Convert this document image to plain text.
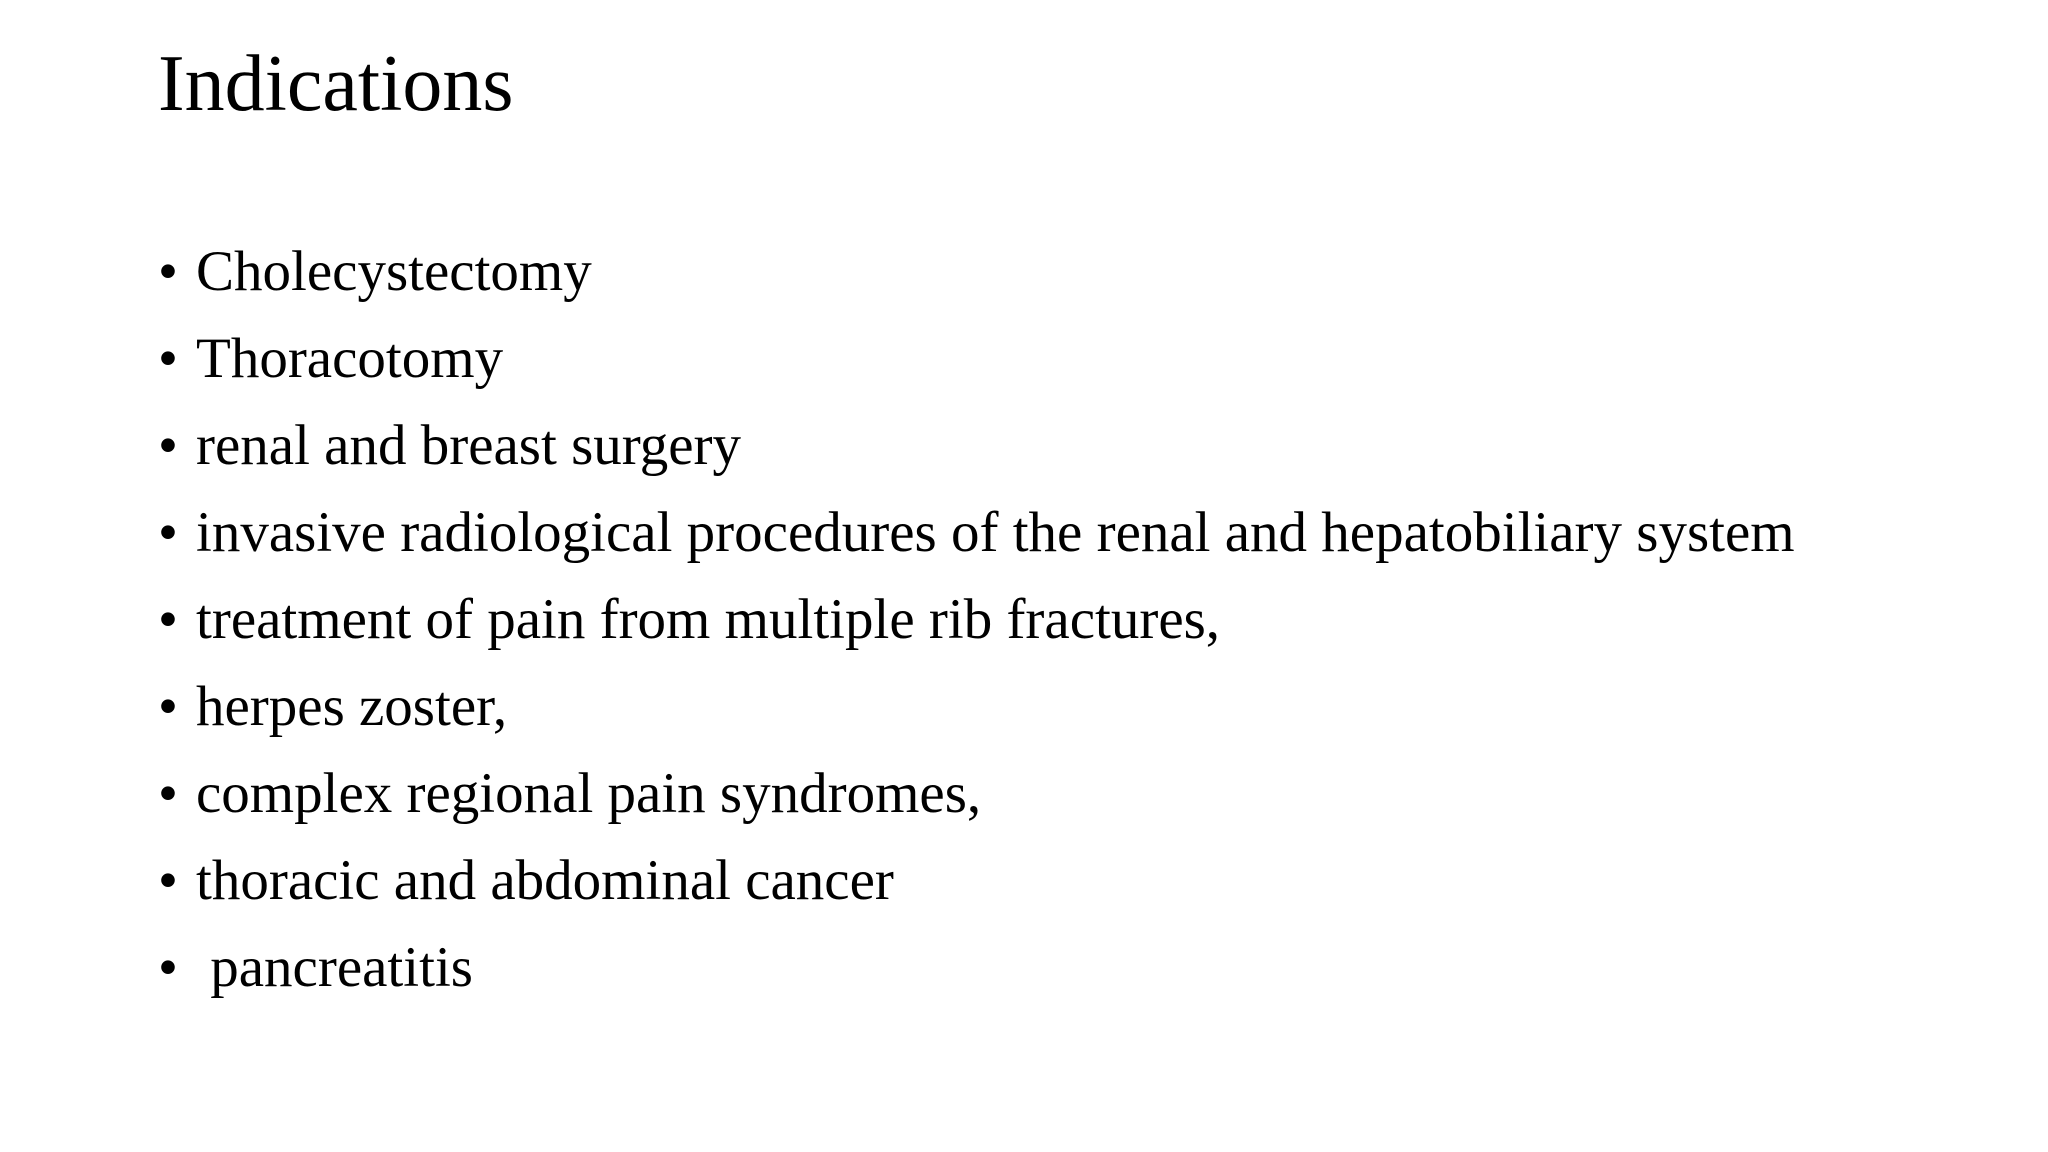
Indications
• Cholecystectomy
• Thoracotomy
• renal and breast surgery
• invasive radiological procedures of the renal and hepatobiliary system
• treatment of pain from multiple rib fractures,
• herpes zoster,
• complex regional pain syndromes,
• thoracic and abdominal cancer
• pancreatitis
